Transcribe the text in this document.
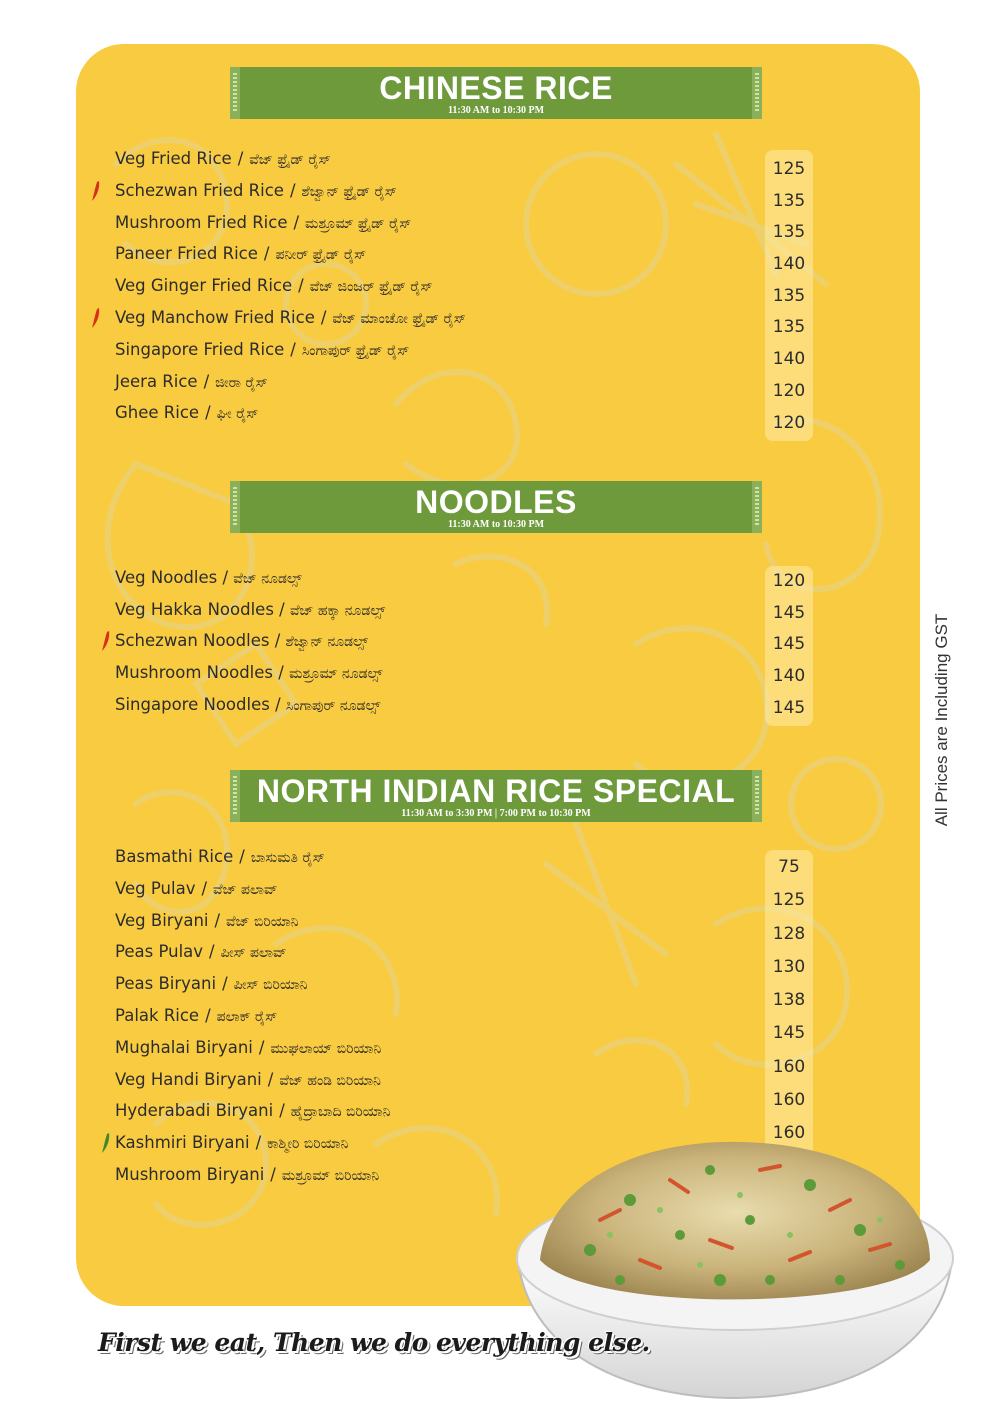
CHINESE RICE
11:30 AM to 10:30 PM
Veg Fried Rice / ವೆಜ್ ಫ್ರೈಡ್ ರೈಸ್
Schezwan Fried Rice / ಶೆಜ್ವಾನ್ ಫ್ರೈಡ್ ರೈಸ್
Mushroom Fried Rice / ಮಶ್ರೂಮ್ ಫ್ರೈಡ್ ರೈಸ್
Paneer Fried Rice / ಪನೀರ್ ಫ್ರೈಡ್ ರೈಸ್
Veg Ginger Fried Rice / ವೆಜ್ ಜಿಂಜರ್ ಫ್ರೈಡ್ ರೈಸ್
Veg Manchow Fried Rice / ವೆಜ್ ಮಾಂಚೋ ಫ್ರೈಡ್ ರೈಸ್
Singapore Fried Rice / ಸಿಂಗಾಪುರ್ ಫ್ರೈಡ್ ರೈಸ್
Jeera Rice / ಜೀರಾ ರೈಸ್
Ghee Rice / ಘೀ ರೈಸ್
125
135
135
140
135
135
140
120
120
NOODLES
11:30 AM to 10:30 PM
Veg Noodles / ವೆಜ್ ನೂಡಲ್ಸ್
Veg Hakka Noodles / ವೆಜ್ ಹಕ್ಕಾ ನೂಡಲ್ಸ್
Schezwan Noodles / ಶೆಜ್ವಾನ್ ನೂಡಲ್ಸ್
Mushroom Noodles / ಮಶ್ರೂಮ್ ನೂಡಲ್ಸ್
Singapore Noodles / ಸಿಂಗಾಪುರ್ ನೂಡಲ್ಸ್
120
145
145
140
145
NORTH INDIAN RICE SPECIAL
11:30 AM to 3:30 PM | 7:00 PM to 10:30 PM
Basmathi Rice / ಬಾಸುಮತಿ ರೈಸ್
Veg Pulav / ವೆಜ್ ಪಲಾವ್
Veg Biryani / ವೆಜ್ ಬಿರಿಯಾನಿ
Peas Pulav / ಪೀಸ್ ಪಲಾವ್
Peas Biryani / ಪೀಸ್ ಬಿರಿಯಾನಿ
Palak Rice / ಪಲಾಕ್ ರೈಸ್
Mughalai Biryani / ಮುಘಲಾಯ್ ಬಿರಿಯಾನಿ
Veg Handi Biryani / ವೆಜ್ ಹಂಡಿ ಬಿರಿಯಾನಿ
Hyderabadi Biryani / ಹೈದ್ರಾಬಾದಿ ಬಿರಿಯಾನಿ
Kashmiri Biryani / ಕಾಶ್ಮೀರಿ ಬಿರಿಯಾನಿ
Mushroom Biryani / ಮಶ್ರೂಮ್ ಬಿರಿಯಾನಿ
75
125
128
130
138
145
160
160
160
All Prices are Including GST
First we eat, Then we do everything else.
